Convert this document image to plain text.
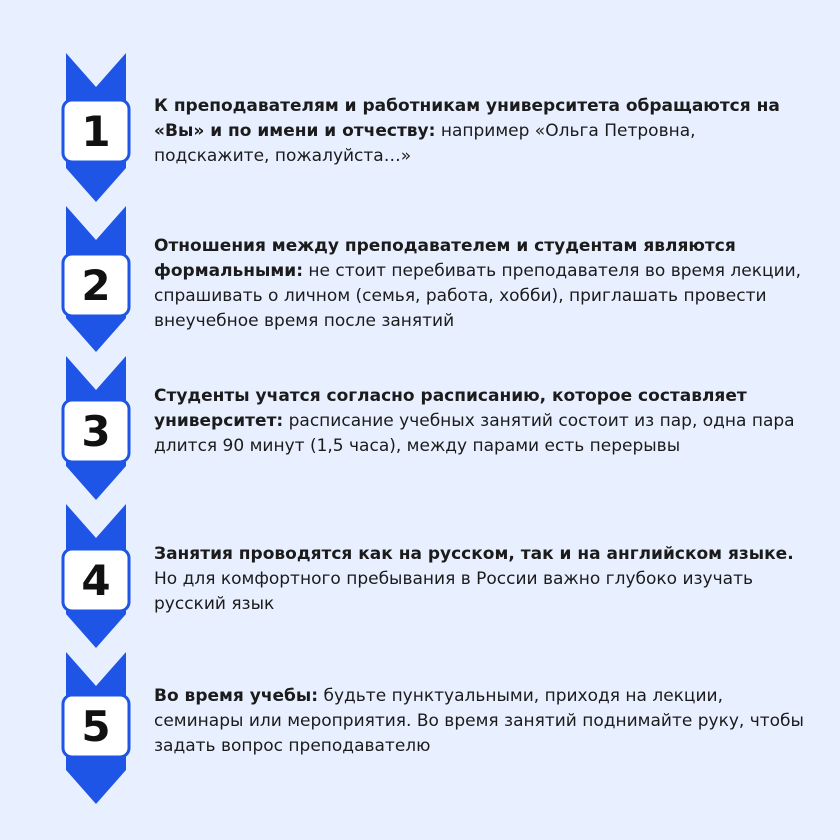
1
2
3
4
5
К преподавателям и работникам университета обращаются на «Вы» и по имени и отчеству: например «Ольга Петровна, подскажите, пожалуйста…»
Отношения между преподавателем и студентам являются формальными: не стоит перебивать преподавателя во время лекции, спрашивать о личном (семья, работа, хобби), приглашать провести внеучебное время после занятий
Студенты учатся согласно расписанию, которое составляет университет: расписание учебных занятий состоит из пар, одна пара длится 90 минут (1,5 часа), между парами есть перерывы
Занятия проводятся как на русском, так и на английском языке. Но для комфортного пребывания в России важно глубоко изучать русский язык
Во время учебы: будьте пунктуальными, приходя на лекции, семинары или мероприятия. Во время занятий поднимайте руку, чтобы задать вопрос преподавателю
